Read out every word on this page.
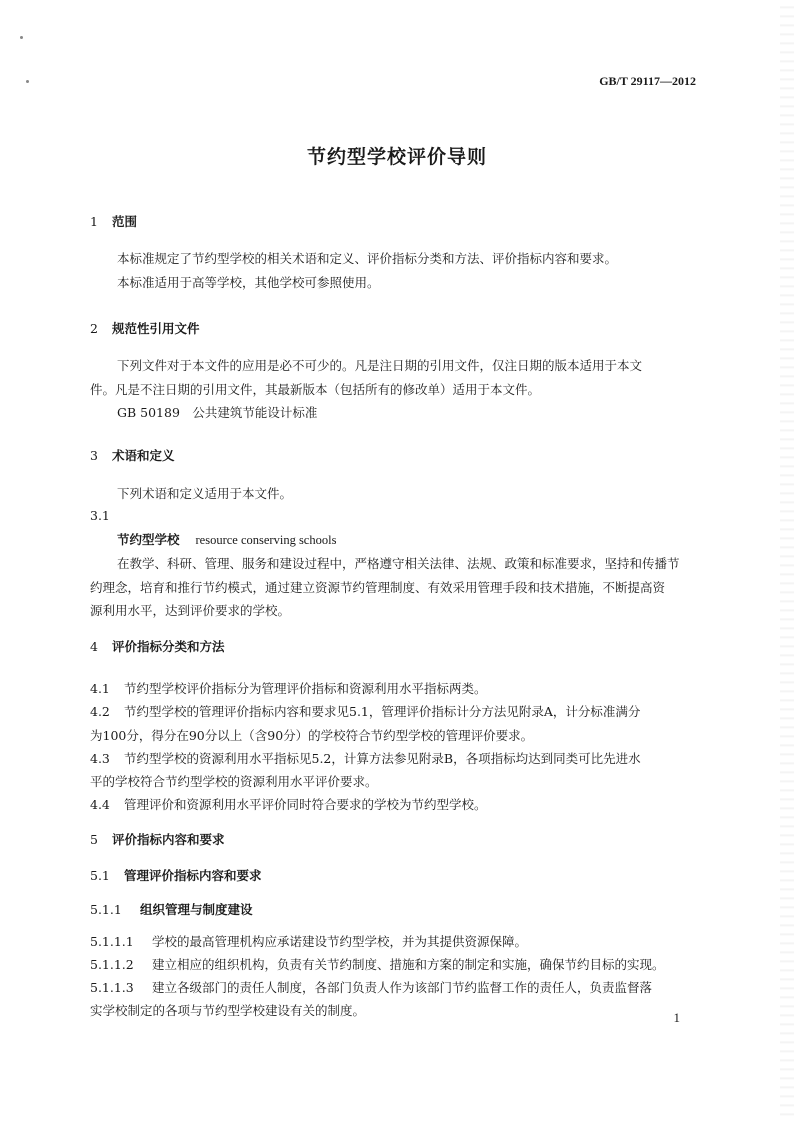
GB/T 29117—2012
节约型学校评价导则
1 范围
本标准规定了节约型学校的相关术语和定义、评价指标分类和方法、评价指标内容和要求。
本标准适用于高等学校，其他学校可参照使用。
2 规范性引用文件
下列文件对于本文件的应用是必不可少的。凡是注日期的引用文件，仅注日期的版本适用于本文
件。凡是不注日期的引用文件，其最新版本（包括所有的修改单）适用于本文件。
GB 50189　公共建筑节能设计标准
3 术语和定义
下列术语和定义适用于本文件。
3.1
节约型学校 resource conserving schools
在教学、科研、管理、服务和建设过程中，严格遵守相关法律、法规、政策和标准要求，坚持和传播节
约理念，培育和推行节约模式，通过建立资源节约管理制度、有效采用管理手段和技术措施，不断提高资
源利用水平，达到评价要求的学校。
4 评价指标分类和方法
4.1 节约型学校评价指标分为管理评价指标和资源利用水平指标两类。
4.2 节约型学校的管理评价指标内容和要求见5.1，管理评价指标计分方法见附录A，计分标准满分
为100分，得分在90分以上（含90分）的学校符合节约型学校的管理评价要求。
4.3 节约型学校的资源利用水平指标见5.2，计算方法参见附录B，各项指标均达到同类可比先进水
平的学校符合节约型学校的资源利用水平评价要求。
4.4 管理评价和资源利用水平评价同时符合要求的学校为节约型学校。
5 评价指标内容和要求
5.1 管理评价指标内容和要求
5.1.1 组织管理与制度建设
5.1.1.1 学校的最高管理机构应承诺建设节约型学校，并为其提供资源保障。
5.1.1.2 建立相应的组织机构，负责有关节约制度、措施和方案的制定和实施，确保节约目标的实现。
5.1.1.3 建立各级部门的责任人制度，各部门负责人作为该部门节约监督工作的责任人，负责监督落
实学校制定的各项与节约型学校建设有关的制度。	1
